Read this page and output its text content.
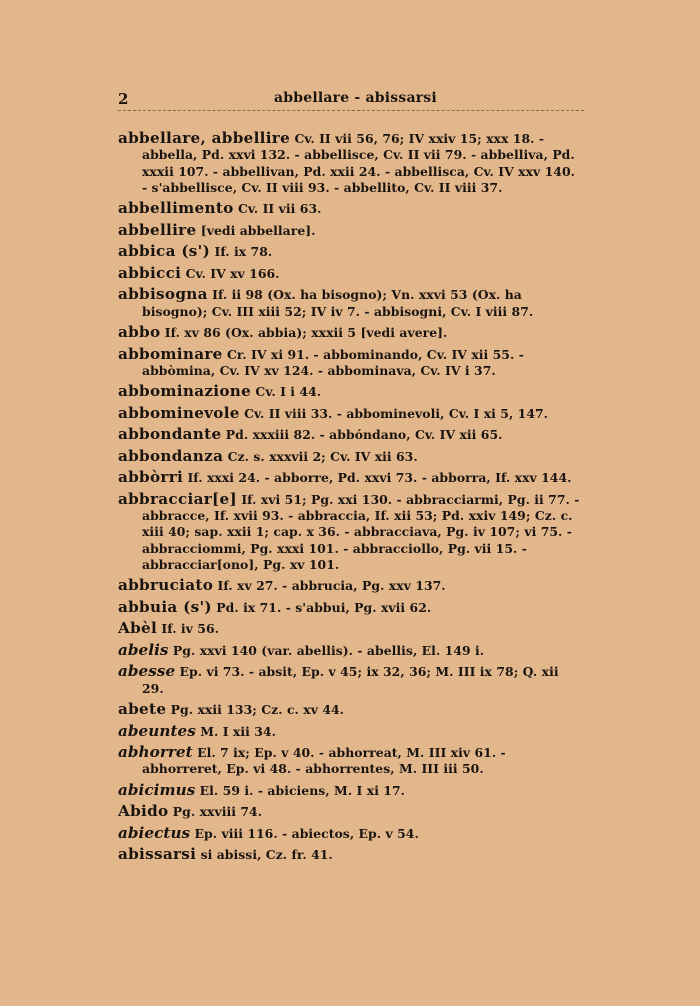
2	abbellare - abissarsi
abbellare, abbellire Cv. II vii 56, 76; IV xxiv 15; xxx 18. - abbella, Pd. xxvi 132. - abbellisce, Cv. II vii 79. - abbelliva, Pd. xxxii 107. - abbellivan, Pd. xxii 24. - abbellisca, Cv. IV xxv 140. - s'abbellisce, Cv. II viii 93. - abbellito, Cv. II viii 37.
abbellimento Cv. II vii 63.
abbellire [vedi abbellare].
abbica (s') If. ix 78.
abbicci Cv. IV xv 166.
abbisogna If. ii 98 (Ox. ha bisogno); Vn. xxvi 53 (Ox. ha bisogno); Cv. III xiii 52; IV iv 7. - abbisogni, Cv. I viii 87.
abbo If. xv 86 (Ox. abbia); xxxii 5 [vedi avere].
abbominare Cr. IV xi 91. - abbominando, Cv. IV xii 55. - abbòmina, Cv. IV xv 124. - abbominava, Cv. IV i 37.
abbominazione Cv. I i 44.
abbominevole Cv. II viii 33. - abbominevoli, Cv. I xi 5, 147.
abbondante Pd. xxxiii 82. - abbóndano, Cv. IV xii 65.
abbondanza Cz. s. xxxvii 2; Cv. IV xii 63.
abbòrri If. xxxi 24. - abborre, Pd. xxvi 73. - abborra, If. xxv 144.
abbracciar[e] If. xvi 51; Pg. xxi 130. - abbracciarmi, Pg. ii 77. - abbracce, If. xvii 93. - abbraccia, If. xii 53; Pd. xxiv 149; Cz. c. xiii 40; sap. xxii 1; cap. x 36. - abbracciava, Pg. iv 107; vi 75. - abbracciommi, Pg. xxxi 101. - abbracciollo, Pg. vii 15. - abbracciar[ono], Pg. xv 101.
abbruciato If. xv 27. - abbrucia, Pg. xxv 137.
abbuia (s') Pd. ix 71. - s'abbui, Pg. xvii 62.
Abèl If. iv 56.
abelis Pg. xxvi 140 (var. abellis). - abellis, El. 149 i.
abesse Ep. vi 73. - absit, Ep. v 45; ix 32, 36; M. III ix 78; Q. xii 29.
abete Pg. xxii 133; Cz. c. xv 44.
abeuntes M. I xii 34.
abhorret El. 7 ix; Ep. v 40. - abhorreat, M. III xiv 61. - abhorreret, Ep. vi 48. - abhorrentes, M. III iii 50.
abicimus El. 59 i. - abiciens, M. I xi 17.
Abido Pg. xxviii 74.
abiectus Ep. viii 116. - abiectos, Ep. v 54.
abissarsi si abissi, Cz. fr. 41.
